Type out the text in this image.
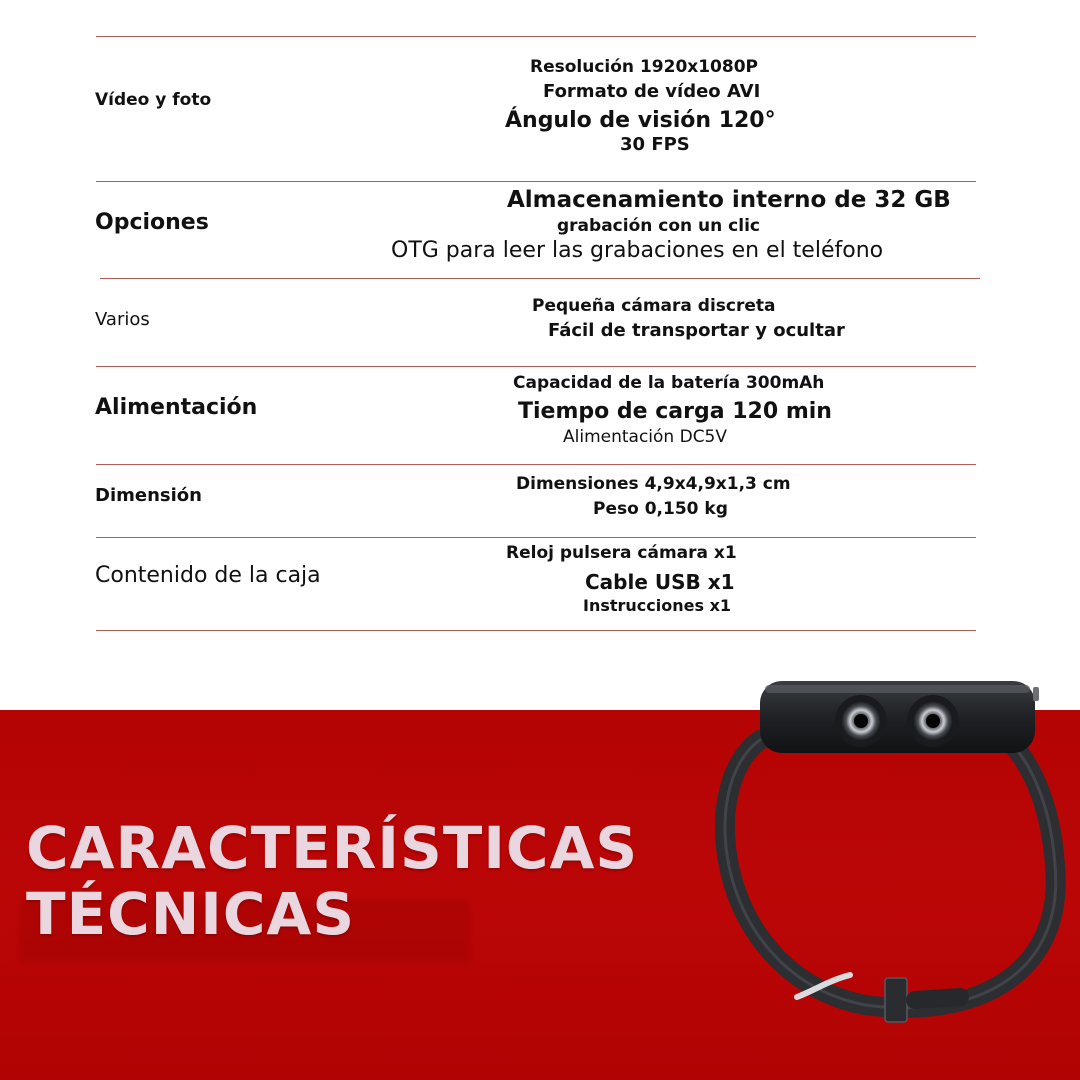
Vídeo y foto
Resolución 1920x1080P
Formato de vídeo AVI
Ángulo de visión 120°
30 FPS
Opciones
Almacenamiento interno de 32 GB
grabación con un clic
OTG para leer las grabaciones en el teléfono
Varios
Pequeña cámara discreta
Fácil de transportar y ocultar
Alimentación
Capacidad de la batería 300mAh
Tiempo de carga 120 min
Alimentación DC5V
Dimensión
Dimensiones 4,9x4,9x1,3 cm
Peso 0,150 kg
Contenido de la caja
Reloj pulsera cámara x1
Cable USB x1
Instrucciones x1
CARACTERÍSTICAS
TÉCNICAS
